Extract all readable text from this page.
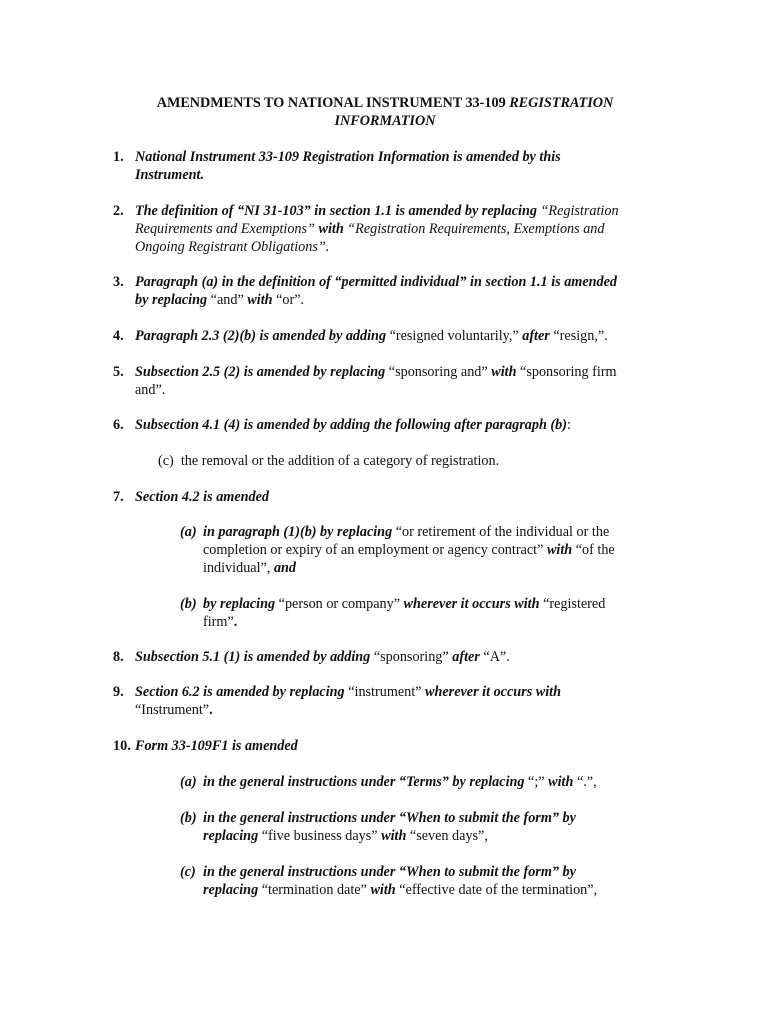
AMENDMENTS TO NATIONAL INSTRUMENT 33-109 REGISTRATION
INFORMATION
1. National Instrument 33-109 Registration Information is amended by this
Instrument.
2. The definition of “NI 31-103” in section 1.1 is amended by replacing “Registration
Requirements and Exemptions” with “Registration Requirements, Exemptions and
Ongoing Registrant Obligations”.
3. Paragraph (a) in the definition of “permitted individual” in section 1.1 is amended
by replacing “and” with “or”.
4. Paragraph 2.3 (2)(b) is amended by adding “resigned voluntarily,” after “resign,”.
5. Subsection 2.5 (2) is amended by replacing “sponsoring and” with “sponsoring firm
and”.
6. Subsection 4.1 (4) is amended by adding the following after paragraph (b):
(c) the removal or the addition of a category of registration.
7. Section 4.2 is amended
(a) in paragraph (1)(b) by replacing “or retirement of the individual or the
completion or expiry of an employment or agency contract” with “of the
individual”, and
(b) by replacing “person or company” wherever it occurs with “registered
firm”.
8. Subsection 5.1 (1) is amended by adding “sponsoring” after “A”.
9. Section 6.2 is amended by replacing “instrument” wherever it occurs with
“Instrument”.
10. Form 33-109F1 is amended
(a) in the general instructions under “Terms” by replacing “;” with “.”,
(b) in the general instructions under “When to submit the form” by
replacing “five business days” with “seven days”,
(c) in the general instructions under “When to submit the form” by
replacing “termination date” with “effective date of the termination”,
